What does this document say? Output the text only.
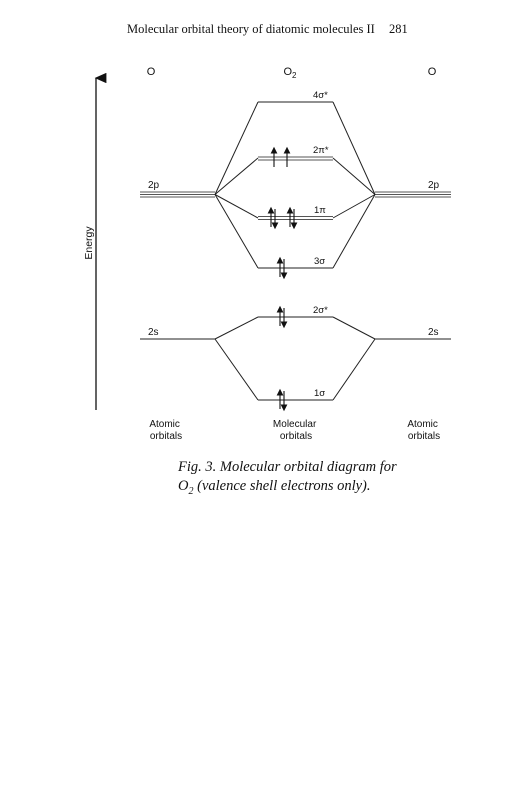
Molecular orbital theory of diatomic molecules II 281
Energy
O	$O_2$	O
2p	2p
2s	2s
4σ*
2π*
1π
3σ
2σ*
1σ
Atomic orbitals
Molecular orbitals
Atomic orbitals
Fig. 3. Molecular orbital diagram for
$O_2$ (valence shell electrons only).
